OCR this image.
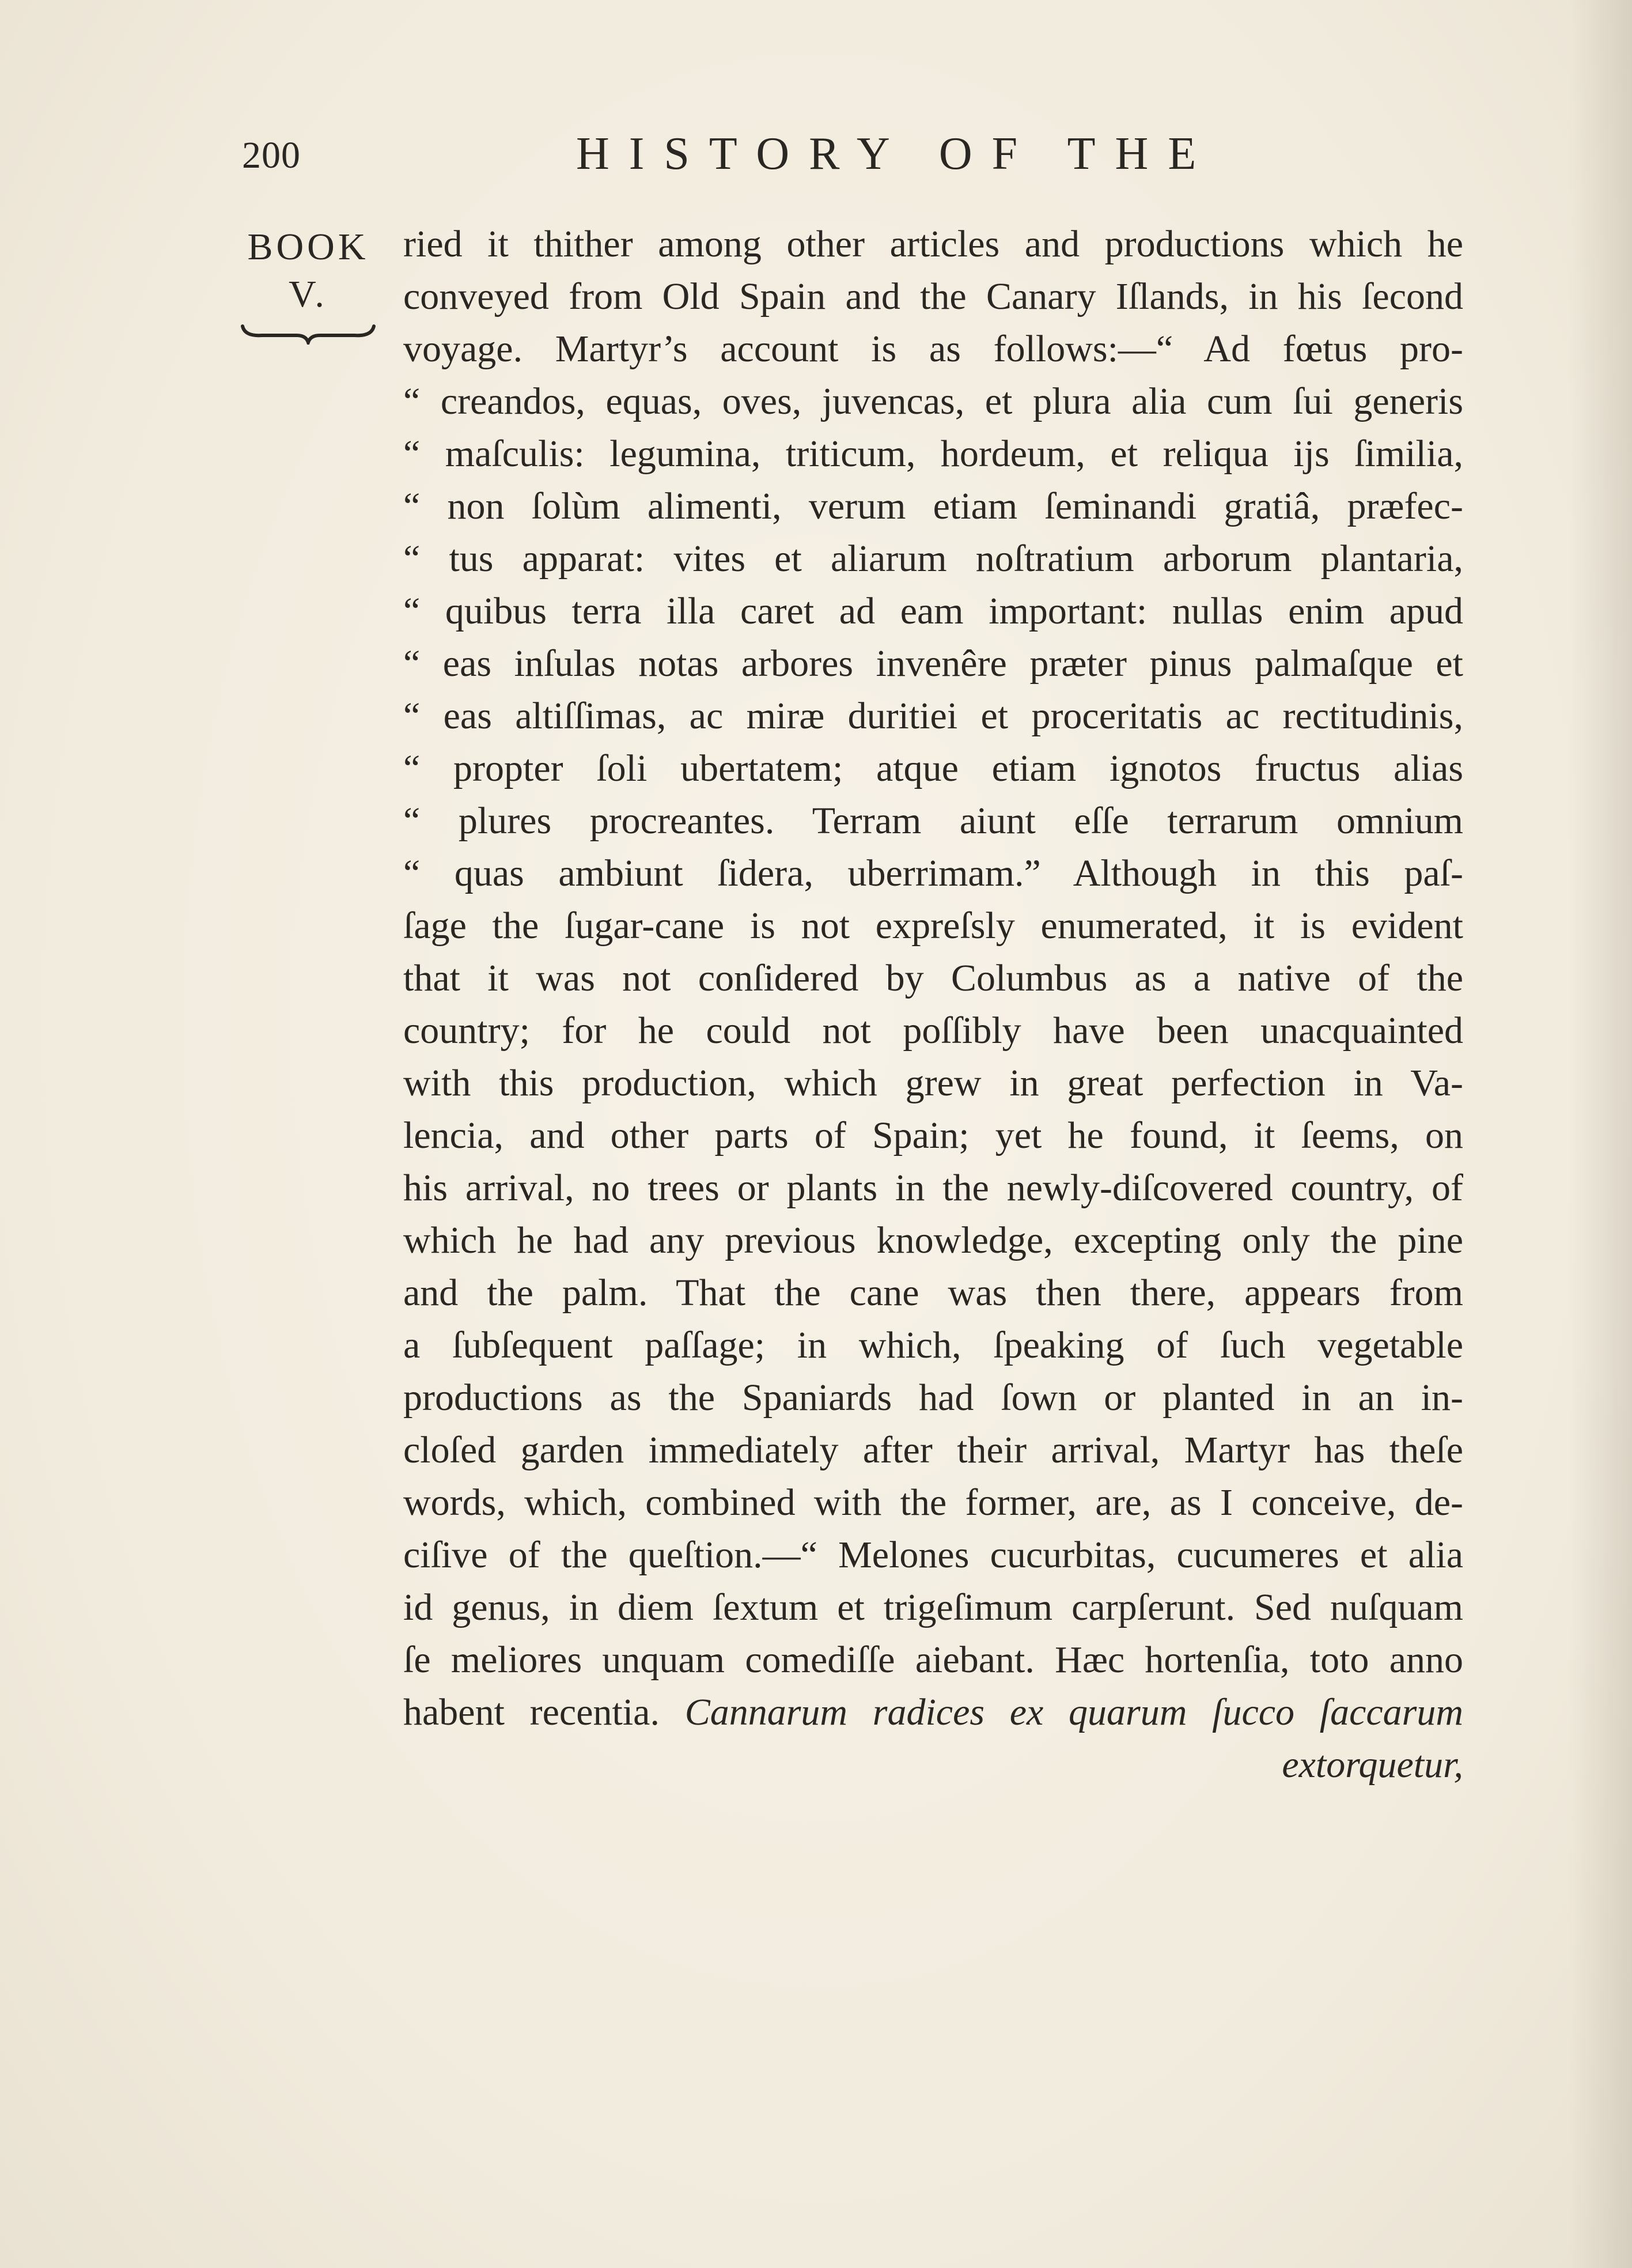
200	HISTORY OF THE
BOOK
V.
ried it thither among other articles and productions which he
conveyed from Old Spain and the Canary Iſlands, in his ſecond
voyage. Martyr’s account is as follows:—“ Ad fœtus pro-
“ creandos, equas, oves, juvencas, et plura alia cum ſui generis
“ maſculis: legumina, triticum, hordeum, et reliqua ijs ſimilia,
“ non ſolùm alimenti, verum etiam ſeminandi gratiâ, præfec-
“ tus apparat: vites et aliarum noſtratium arborum plantaria,
“ quibus terra illa caret ad eam important: nullas enim apud
“ eas inſulas notas arbores invenêre præter pinus palmaſque et
“ eas altiſſimas, ac miræ duritiei et proceritatis ac rectitudinis,
“ propter ſoli ubertatem; atque etiam ignotos fructus alias
“ plures procreantes. Terram aiunt eſſe terrarum omnium
“ quas ambiunt ſidera, uberrimam.” Although in this paſ-
ſage the ſugar-cane is not expreſsly enumerated, it is evident
that it was not conſidered by Columbus as a native of the
country; for he could not poſſibly have been unacquainted
with this production, which grew in great perfection in Va-
lencia, and other parts of Spain; yet he found, it ſeems, on
his arrival, no trees or plants in the newly-diſcovered country, of
which he had any previous knowledge, excepting only the pine
and the palm. That the cane was then there, appears from
a ſubſequent paſſage; in which, ſpeaking of ſuch vegetable
productions as the Spaniards had ſown or planted in an in-
cloſed garden immediately after their arrival, Martyr has theſe
words, which, combined with the former, are, as I conceive, de-
ciſive of the queſtion.—“ Melones cucurbitas, cucumeres et alia
id genus, in diem ſextum et trigeſimum carpſerunt. Sed nuſquam
ſe meliores unquam comediſſe aiebant. Hæc hortenſia, toto anno
habent recentia. Cannarum radices ex quarum ſucco ſaccarum
extorquetur,
